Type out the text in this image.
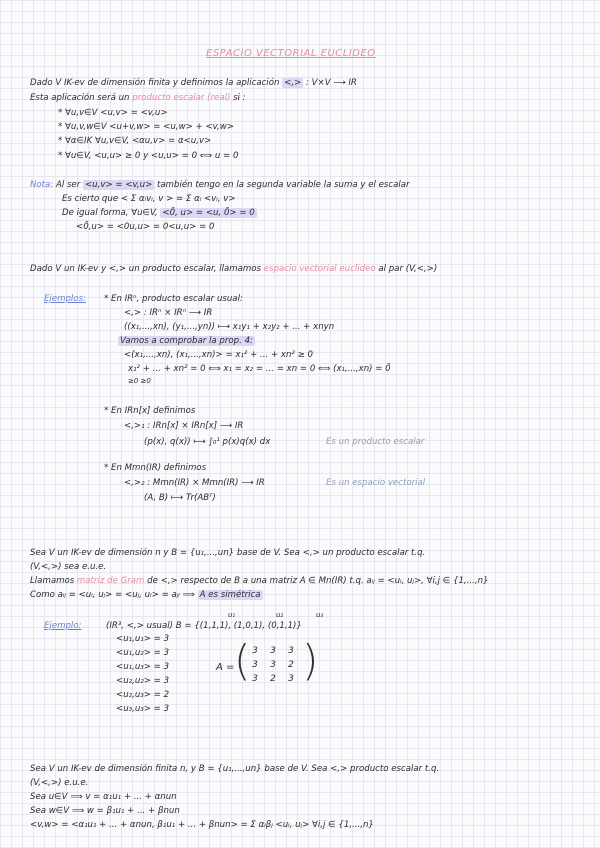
ESPACIO VECTORIAL EUCLIDEO
Dado V IK-ev de dimensión finita y definimos la aplicación <,> : V×V ⟶ IR
Esta aplicación será un producto escalar (real) si :
* ∀u,v∈V <u,v> = <v,u>
* ∀u,v,w∈V <u+v,w> = <u,w> + <v,w>
* ∀α∈IK ∀u,v∈V, <αu,v> = α<u,v>
* ∀u∈V, <u,u> ≥ 0 y <u,u> = 0 ⟺ u = 0
Nota: Al ser <u,v> = <v,u> también tengo en la segunda variable la suma y el escalar
Es cierto que < Σ αᵢvᵢ, v > = Σ αᵢ <vᵢ, v>
De igual forma, ∀u∈V, <0̄, u> = <u, 0̄> = 0
<0̄,u> = <0u,u> = 0<u,u> = 0
Dado V un IK-ev y <,> un producto escalar, llamamos espacio vectorial euclideo al par (V,<,>)
Ejemplos: * En IRⁿ, producto escalar usual:
<,> : IRⁿ × IRⁿ ⟶ IR
((x₁,...,xn), (y₁,...,yn)) ⟼ x₁y₁ + x₂y₂ + ... + xnyn
Vamos a comprobar la prop. 4:
<(x₁,...,xn), (x₁,...,xn)> = x₁² + ... + xn² ≥ 0
x₁² + ... + xn² = 0 ⟺ x₁ = x₂ = ... = xn = 0 ⟺ (x₁,...,xn) = 0̄
≥0 ≥0
* En IRn[x] definimos
<,>₁ : IRn[x] × IRn[x] ⟶ IR
(p(x), q(x)) ⟼ ∫₀¹ p(x)q(x) dx	Es un producto escalar
* En Mmn(IR) definimos
<,>₂ : Mmn(IR) × Mmn(IR) ⟶ IR
(A, B) ⟼ Tr(ABᵀ)
Es un espacio vectorial
Sea V un IK-ev de dimensión n y B = {u₁,...,un} base de V. Sea <,> un producto escalar t.q.
(V,<,>) sea e.u.e.
Llamamos matriz de Gram de <,> respecto de B a una matriz A ∈ Mn(IR) t.q. aᵢⱼ = <uᵢ, uⱼ>, ∀i,j ∈ {1,...,n}
Como aᵢⱼ = <uᵢ, uⱼ> = <uⱼ, uᵢ> = aⱼᵢ ⟹ A es simétrica
u₁	u₂	u₃
Ejemplo:	(IR³, <,> usual) B = {(1,1,1), (1,0,1), (0,1,1)}
<u₁,u₁> = 3
<u₁,u₂> = 3
<u₁,u₃> = 3
<u₂,u₂> = 3
<u₂,u₃> = 2
<u₃,u₃> = 3
A = ( 3 3 3
3 3 2
3 2 3 )
Sea V un IK-ev de dimensión finita n, y B = {u₁,...,un} base de V. Sea <,> producto escalar t.q.
(V,<,>) e.u.e.
Sea u∈V ⟹ v = α₁u₁ + ... + αnun
Sea w∈V ⟹ w = β₁u₁ + ... + βnun
<v,w> = <α₁u₁ + ... + αnun, β₁u₁ + ... + βnun> = Σ αᵢβⱼ <uᵢ, uⱼ> ∀i,j ∈ {1,...,n}
